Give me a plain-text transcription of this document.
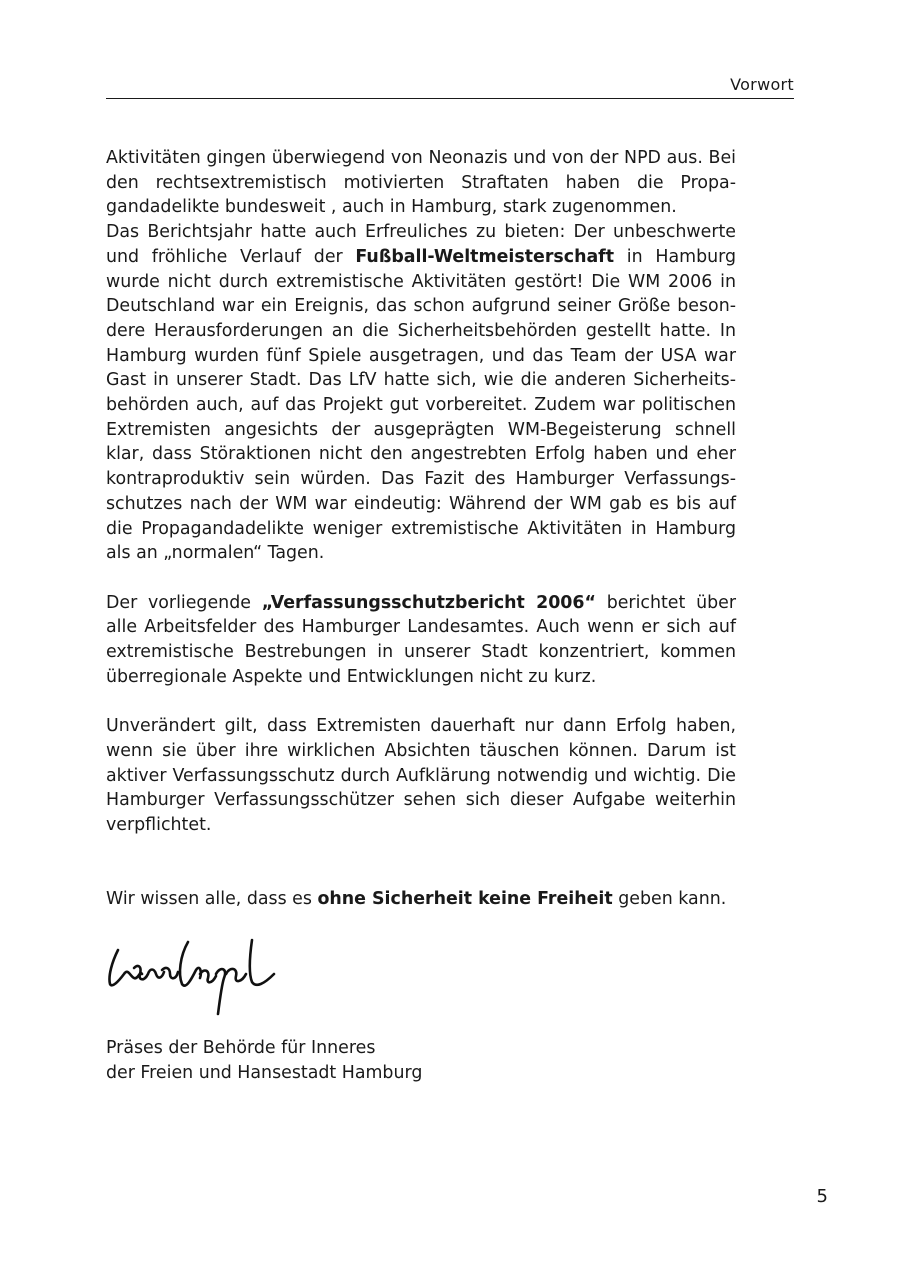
Vorwort

Aktivitäten gingen überwiegend von Neonazis und von der NPD aus. Bei den rechtsextremistisch motivierten Straftaten haben die Propagandadelikte bundesweit , auch in Hamburg, stark zugenommen.

Das Berichtsjahr hatte auch Erfreuliches zu bieten: Der unbeschwerte und fröhliche Verlauf der Fußball-Weltmeisterschaft in Hamburg wurde nicht durch extremistische Aktivitäten gestört! Die WM 2006 in Deutschland war ein Ereignis, das schon aufgrund seiner Größe besondere Herausforderungen an die Sicherheitsbehörden gestellt hatte. In Hamburg wurden fünf Spiele ausgetragen, und das Team der USA war Gast in unserer Stadt. Das LfV hatte sich, wie die anderen Sicherheitsbehörden auch, auf das Projekt gut vorbereitet. Zudem war politischen Extremisten angesichts der ausgeprägten WM-Begeisterung schnell klar, dass Störaktionen nicht den angestrebten Erfolg haben und eher kontraproduktiv sein würden. Das Fazit des Hamburger Verfassungsschutzes nach der WM war eindeutig: Während der WM gab es bis auf die Propagandadelikte weniger extremistische Aktivitäten in Hamburg als an „normalen“ Tagen.

Der vorliegende „Verfassungsschutzbericht 2006“ berichtet über alle Arbeitsfelder des Hamburger Landesamtes. Auch wenn er sich auf extremistische Bestrebungen in unserer Stadt konzentriert, kommen überregionale Aspekte und Entwicklungen nicht zu kurz.

Unverändert gilt, dass Extremisten dauerhaft nur dann Erfolg haben, wenn sie über ihre wirklichen Absichten täuschen können. Darum ist aktiver Verfassungsschutz durch Aufklärung notwendig und wichtig. Die Hamburger Verfassungsschützer sehen sich dieser Aufgabe weiterhin verpflichtet.

Wir wissen alle, dass es ohne Sicherheit keine Freiheit geben kann.

Präses der Behörde für Inneres
der Freien und Hansestadt Hamburg
5
